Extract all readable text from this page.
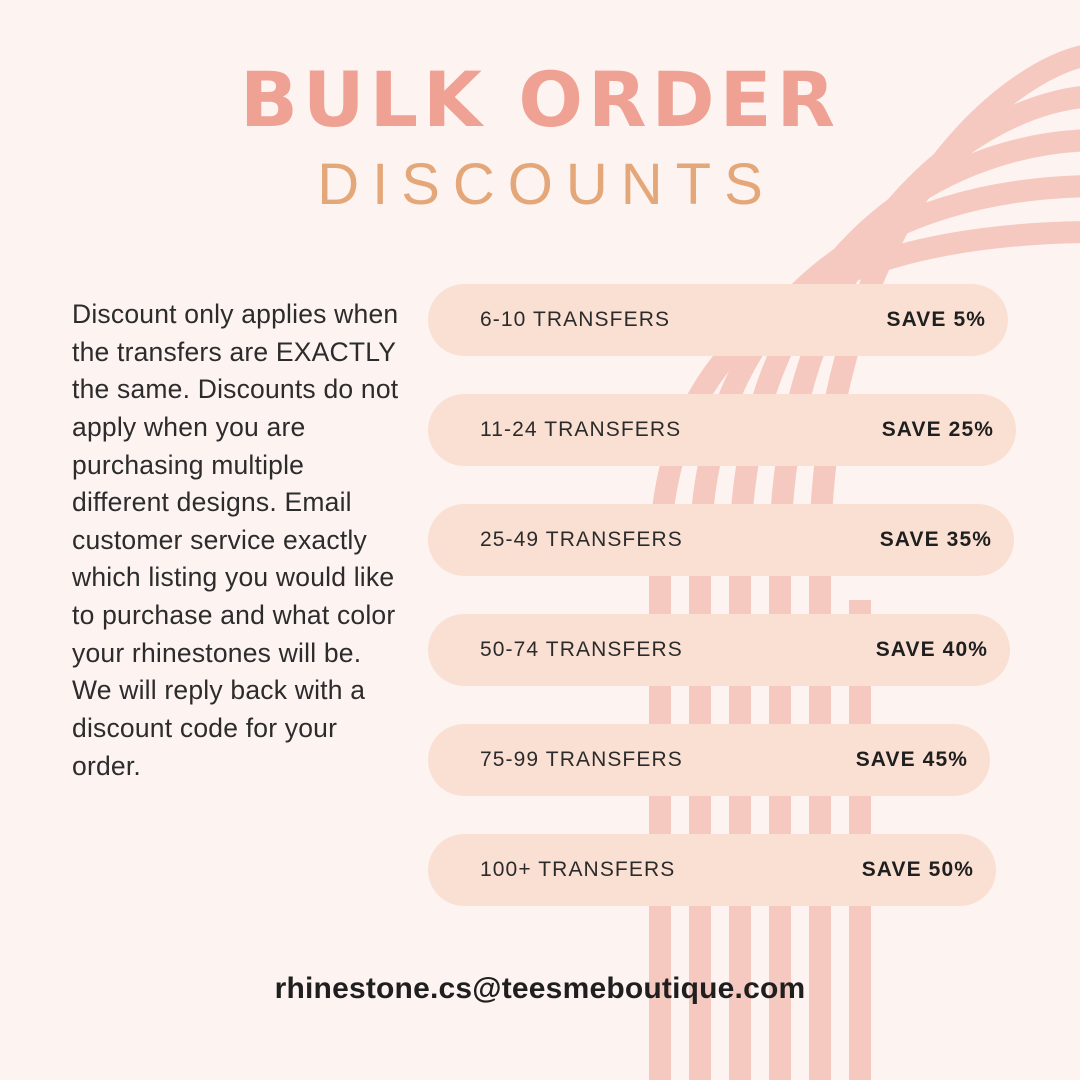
BULK ORDER
DISCOUNTS
Discount only applies when the transfers are EXACTLY the same. Discounts do not apply when you are purchasing multiple different designs. Email customer service exactly which listing you would like to purchase and what color your rhinestones will be. We will reply back with a discount code for your order.
6-10 TRANSFERS	SAVE 5%
11-24 TRANSFERS	SAVE 25%
25-49 TRANSFERS	SAVE 35%
50-74 TRANSFERS	SAVE 40%
75-99 TRANSFERS	SAVE 45%
100+ TRANSFERS	SAVE 50%
rhinestone.cs@teesmeboutique.com
